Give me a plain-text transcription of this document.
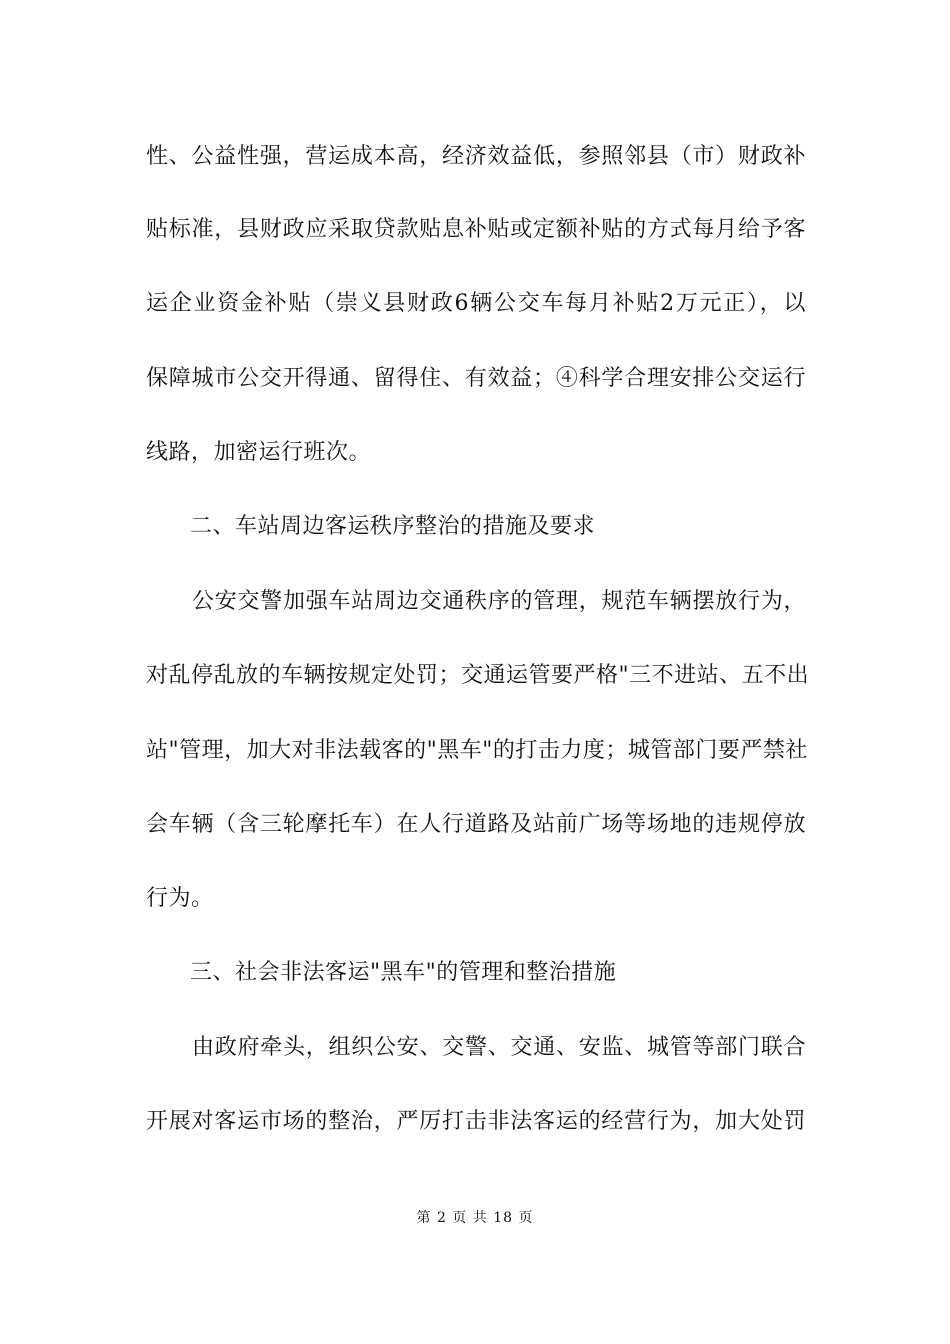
性、公益性强，营运成本高，经济效益低，参照邻县（市）财政补
贴标准，县财政应采取贷款贴息补贴或定额补贴的方式每月给予客
运企业资金补贴（崇义县财政6辆公交车每月补贴2万元正），以
保障城市公交开得通、留得住、有效益；④科学合理安排公交运行
线路，加密运行班次。
二、车站周边客运秩序整治的措施及要求
公安交警加强车站周边交通秩序的管理，规范车辆摆放行为，
对乱停乱放的车辆按规定处罚；交通运管要严格"三不进站、五不出
站"管理，加大对非法载客的"黑车"的打击力度；城管部门要严禁社
会车辆（含三轮摩托车）在人行道路及站前广场等场地的违规停放
行为。
三、社会非法客运"黑车"的管理和整治措施
由政府牵头，组织公安、交警、交通、安监、城管等部门联合
开展对客运市场的整治，严厉打击非法客运的经营行为，加大处罚
第 2 页 共 18 页
